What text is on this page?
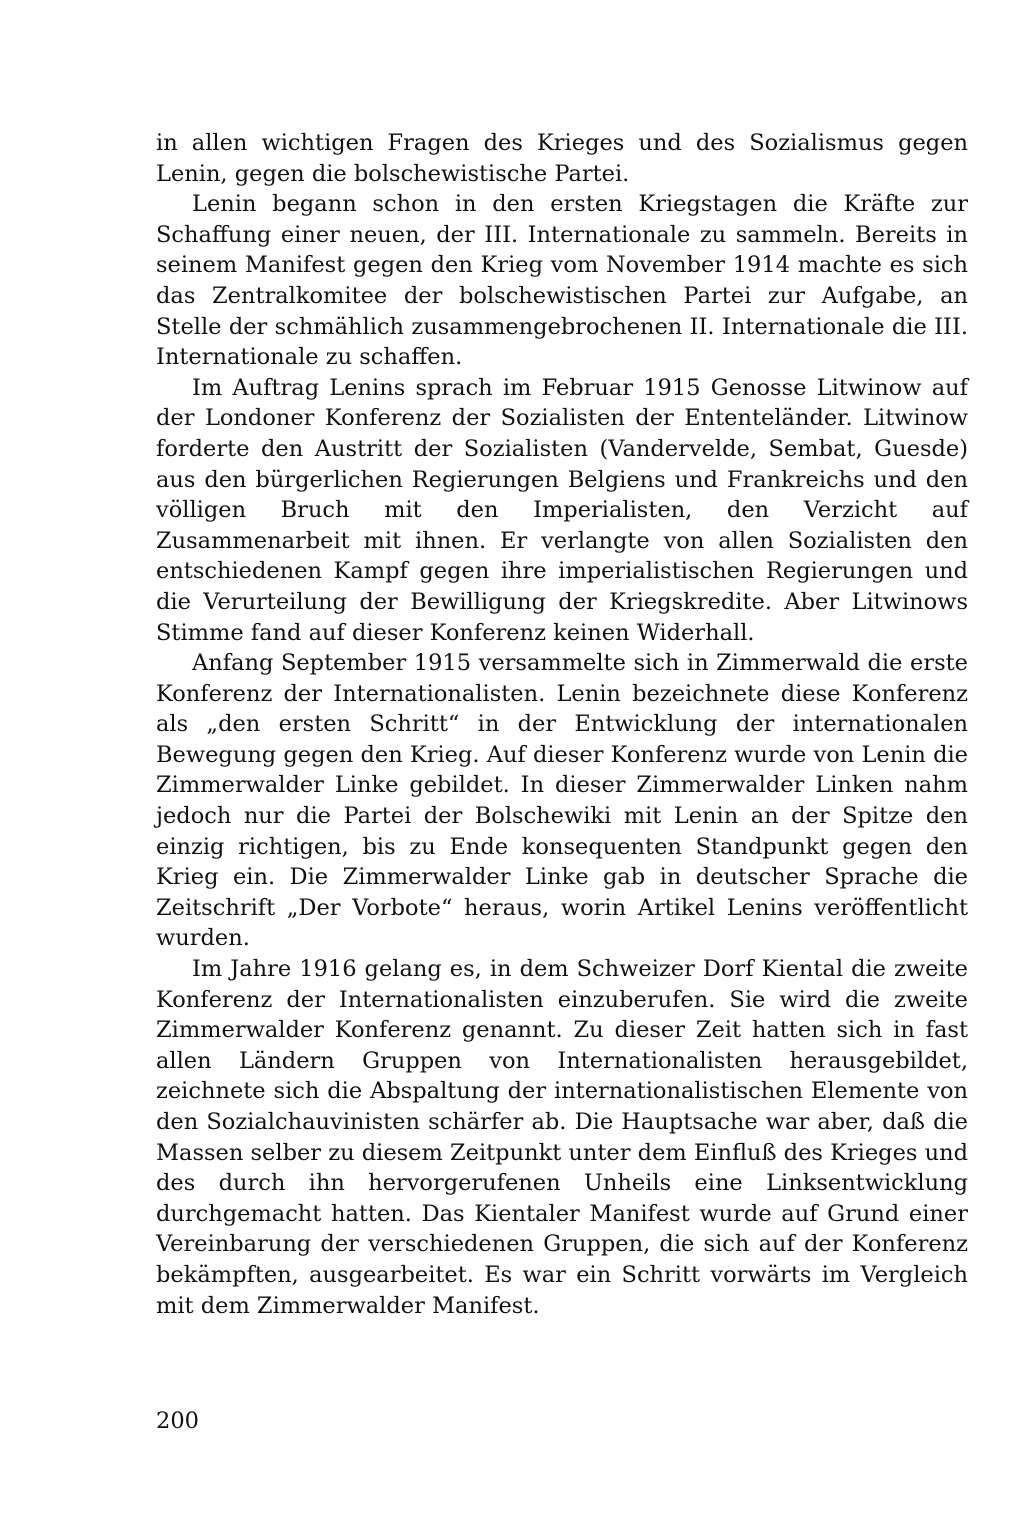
in allen wichtigen Fragen des Krieges und des Sozialismus gegen Lenin, gegen die bolschewistische Partei.

Lenin begann schon in den ersten Kriegstagen die Kräfte zur Schaffung einer neuen, der III. Internationale zu sammeln. Bereits in seinem Manifest gegen den Krieg vom November 1914 machte es sich das Zentralkomitee der bolschewistischen Partei zur Aufgabe, an Stelle der schmählich zusammengebrochenen II. Internationale die III. Internationale zu schaffen.

Im Auftrag Lenins sprach im Februar 1915 Genosse Litwinow auf der Londoner Konferenz der Sozialisten der Ententeländer. Litwinow forderte den Austritt der Sozialisten (Vandervelde, Sembat, Guesde) aus den bürgerlichen Regierungen Belgiens und Frankreichs und den völligen Bruch mit den Imperialisten, den Verzicht auf Zusammenarbeit mit ihnen. Er verlangte von allen Sozialisten den entschiedenen Kampf gegen ihre imperialistischen Regierungen und die Verurteilung der Bewilligung der Kriegskredite. Aber Litwinows Stimme fand auf dieser Konferenz keinen Widerhall.

Anfang September 1915 versammelte sich in Zimmerwald die erste Konferenz der Internationalisten. Lenin bezeichnete diese Konferenz als „den ersten Schritt“ in der Entwicklung der internationalen Bewegung gegen den Krieg. Auf dieser Konferenz wurde von Lenin die Zimmerwalder Linke gebildet. In dieser Zimmerwalder Linken nahm jedoch nur die Partei der Bolschewiki mit Lenin an der Spitze den einzig richtigen, bis zu Ende konsequenten Standpunkt gegen den Krieg ein. Die Zimmerwalder Linke gab in deutscher Sprache die Zeitschrift „Der Vorbote“ heraus, worin Artikel Lenins veröffentlicht wurden.

Im Jahre 1916 gelang es, in dem Schweizer Dorf Kiental die zweite Konferenz der Internationalisten einzuberufen. Sie wird die zweite Zimmerwalder Konferenz genannt. Zu dieser Zeit hatten sich in fast allen Ländern Gruppen von Internationalisten herausgebildet, zeichnete sich die Abspaltung der internationalistischen Elemente von den Sozialchauvinisten schärfer ab. Die Hauptsache war aber, daß die Massen selber zu diesem Zeitpunkt unter dem Einfluß des Krieges und des durch ihn hervorgerufenen Unheils eine Linksentwicklung durchgemacht hatten. Das Kientaler Manifest wurde auf Grund einer Vereinbarung der verschiedenen Gruppen, die sich auf der Konferenz bekämpften, ausgearbeitet. Es war ein Schritt vorwärts im Vergleich mit dem Zimmerwalder Manifest.

200
